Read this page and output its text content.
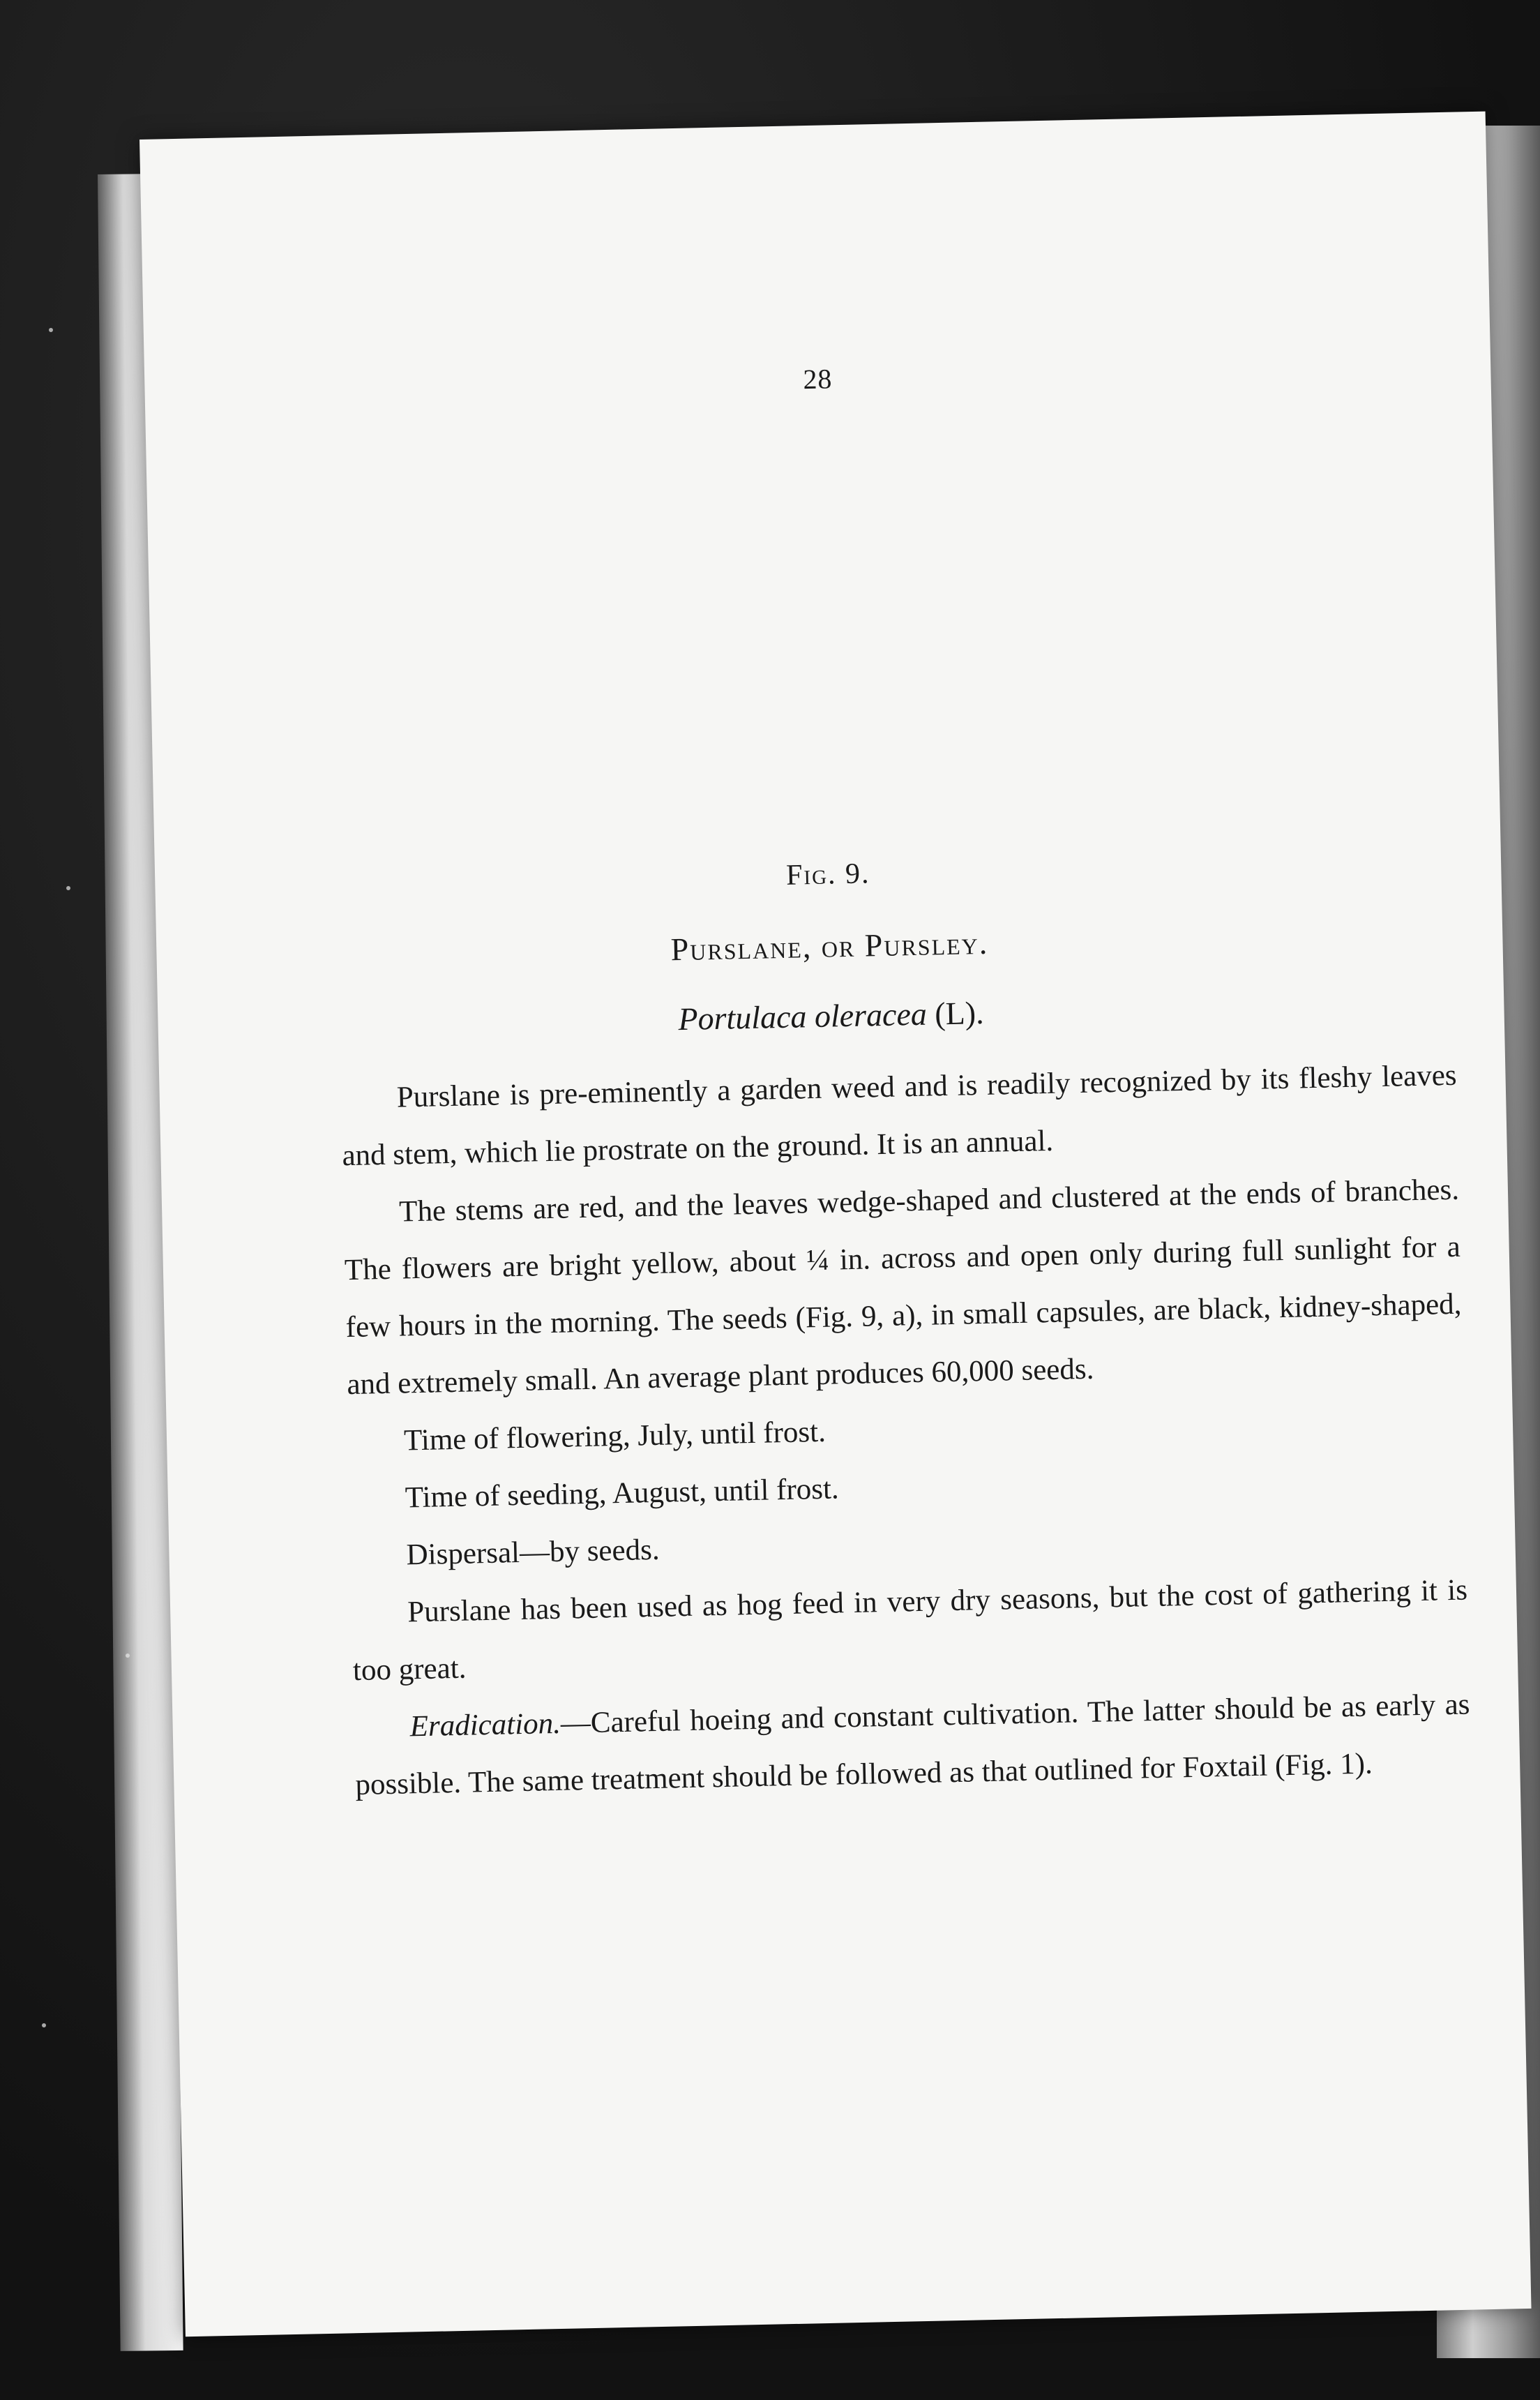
28
Fig. 9.
Purslane, or Pursley.
Portulaca oleracea (L).

Purslane is pre-eminently a garden weed and is readily recognized by its fleshy leaves and stem, which lie prostrate on the ground. It is an annual.

The stems are red, and the leaves wedge-shaped and clustered at the ends of branches. The flowers are bright yellow, about ¼ in. across and open only during full sunlight for a few hours in the morning. The seeds (Fig. 9, a), in small capsules, are black, kidney-shaped, and extremely small. An average plant produces 60,000 seeds.

Time of flowering, July, until frost.

Time of seeding, August, until frost.

Dispersal—by seeds.

Purslane has been used as hog feed in very dry seasons, but the cost of gathering it is too great.

Eradication.—Careful hoeing and constant cultivation. The latter should be as early as possible. The same treatment should be followed as that outlined for Foxtail (Fig. 1).
